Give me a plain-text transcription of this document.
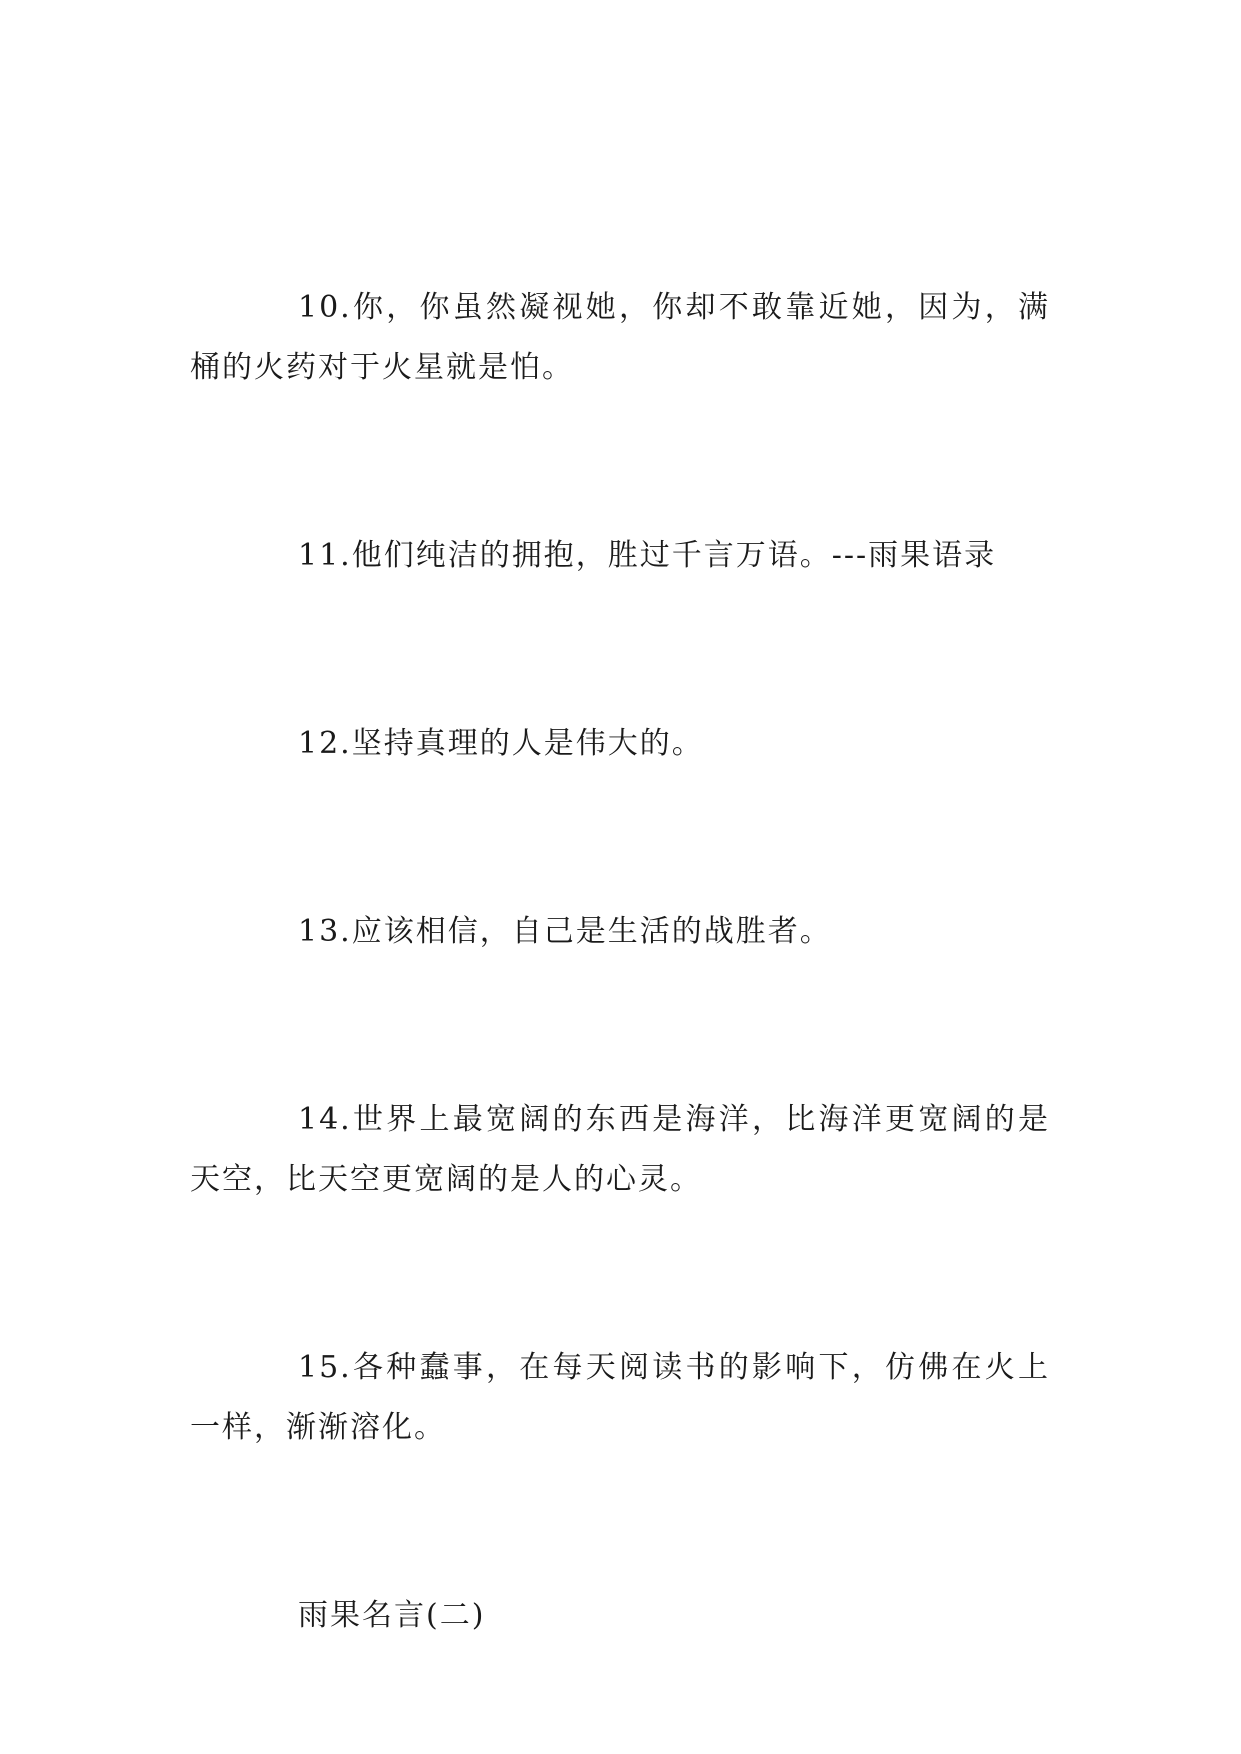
10.你，你虽然凝视她，你却不敢靠近她，因为，满桶的火药对于火星就是怕。

11.他们纯洁的拥抱，胜过千言万语。---雨果语录

12.坚持真理的人是伟大的。

13.应该相信，自己是生活的战胜者。

14.世界上最宽阔的东西是海洋，比海洋更宽阔的是天空，比天空更宽阔的是人的心灵。

15.各种蠢事，在每天阅读书的影响下，仿佛在火上一样，渐渐溶化。

雨果名言(二)
